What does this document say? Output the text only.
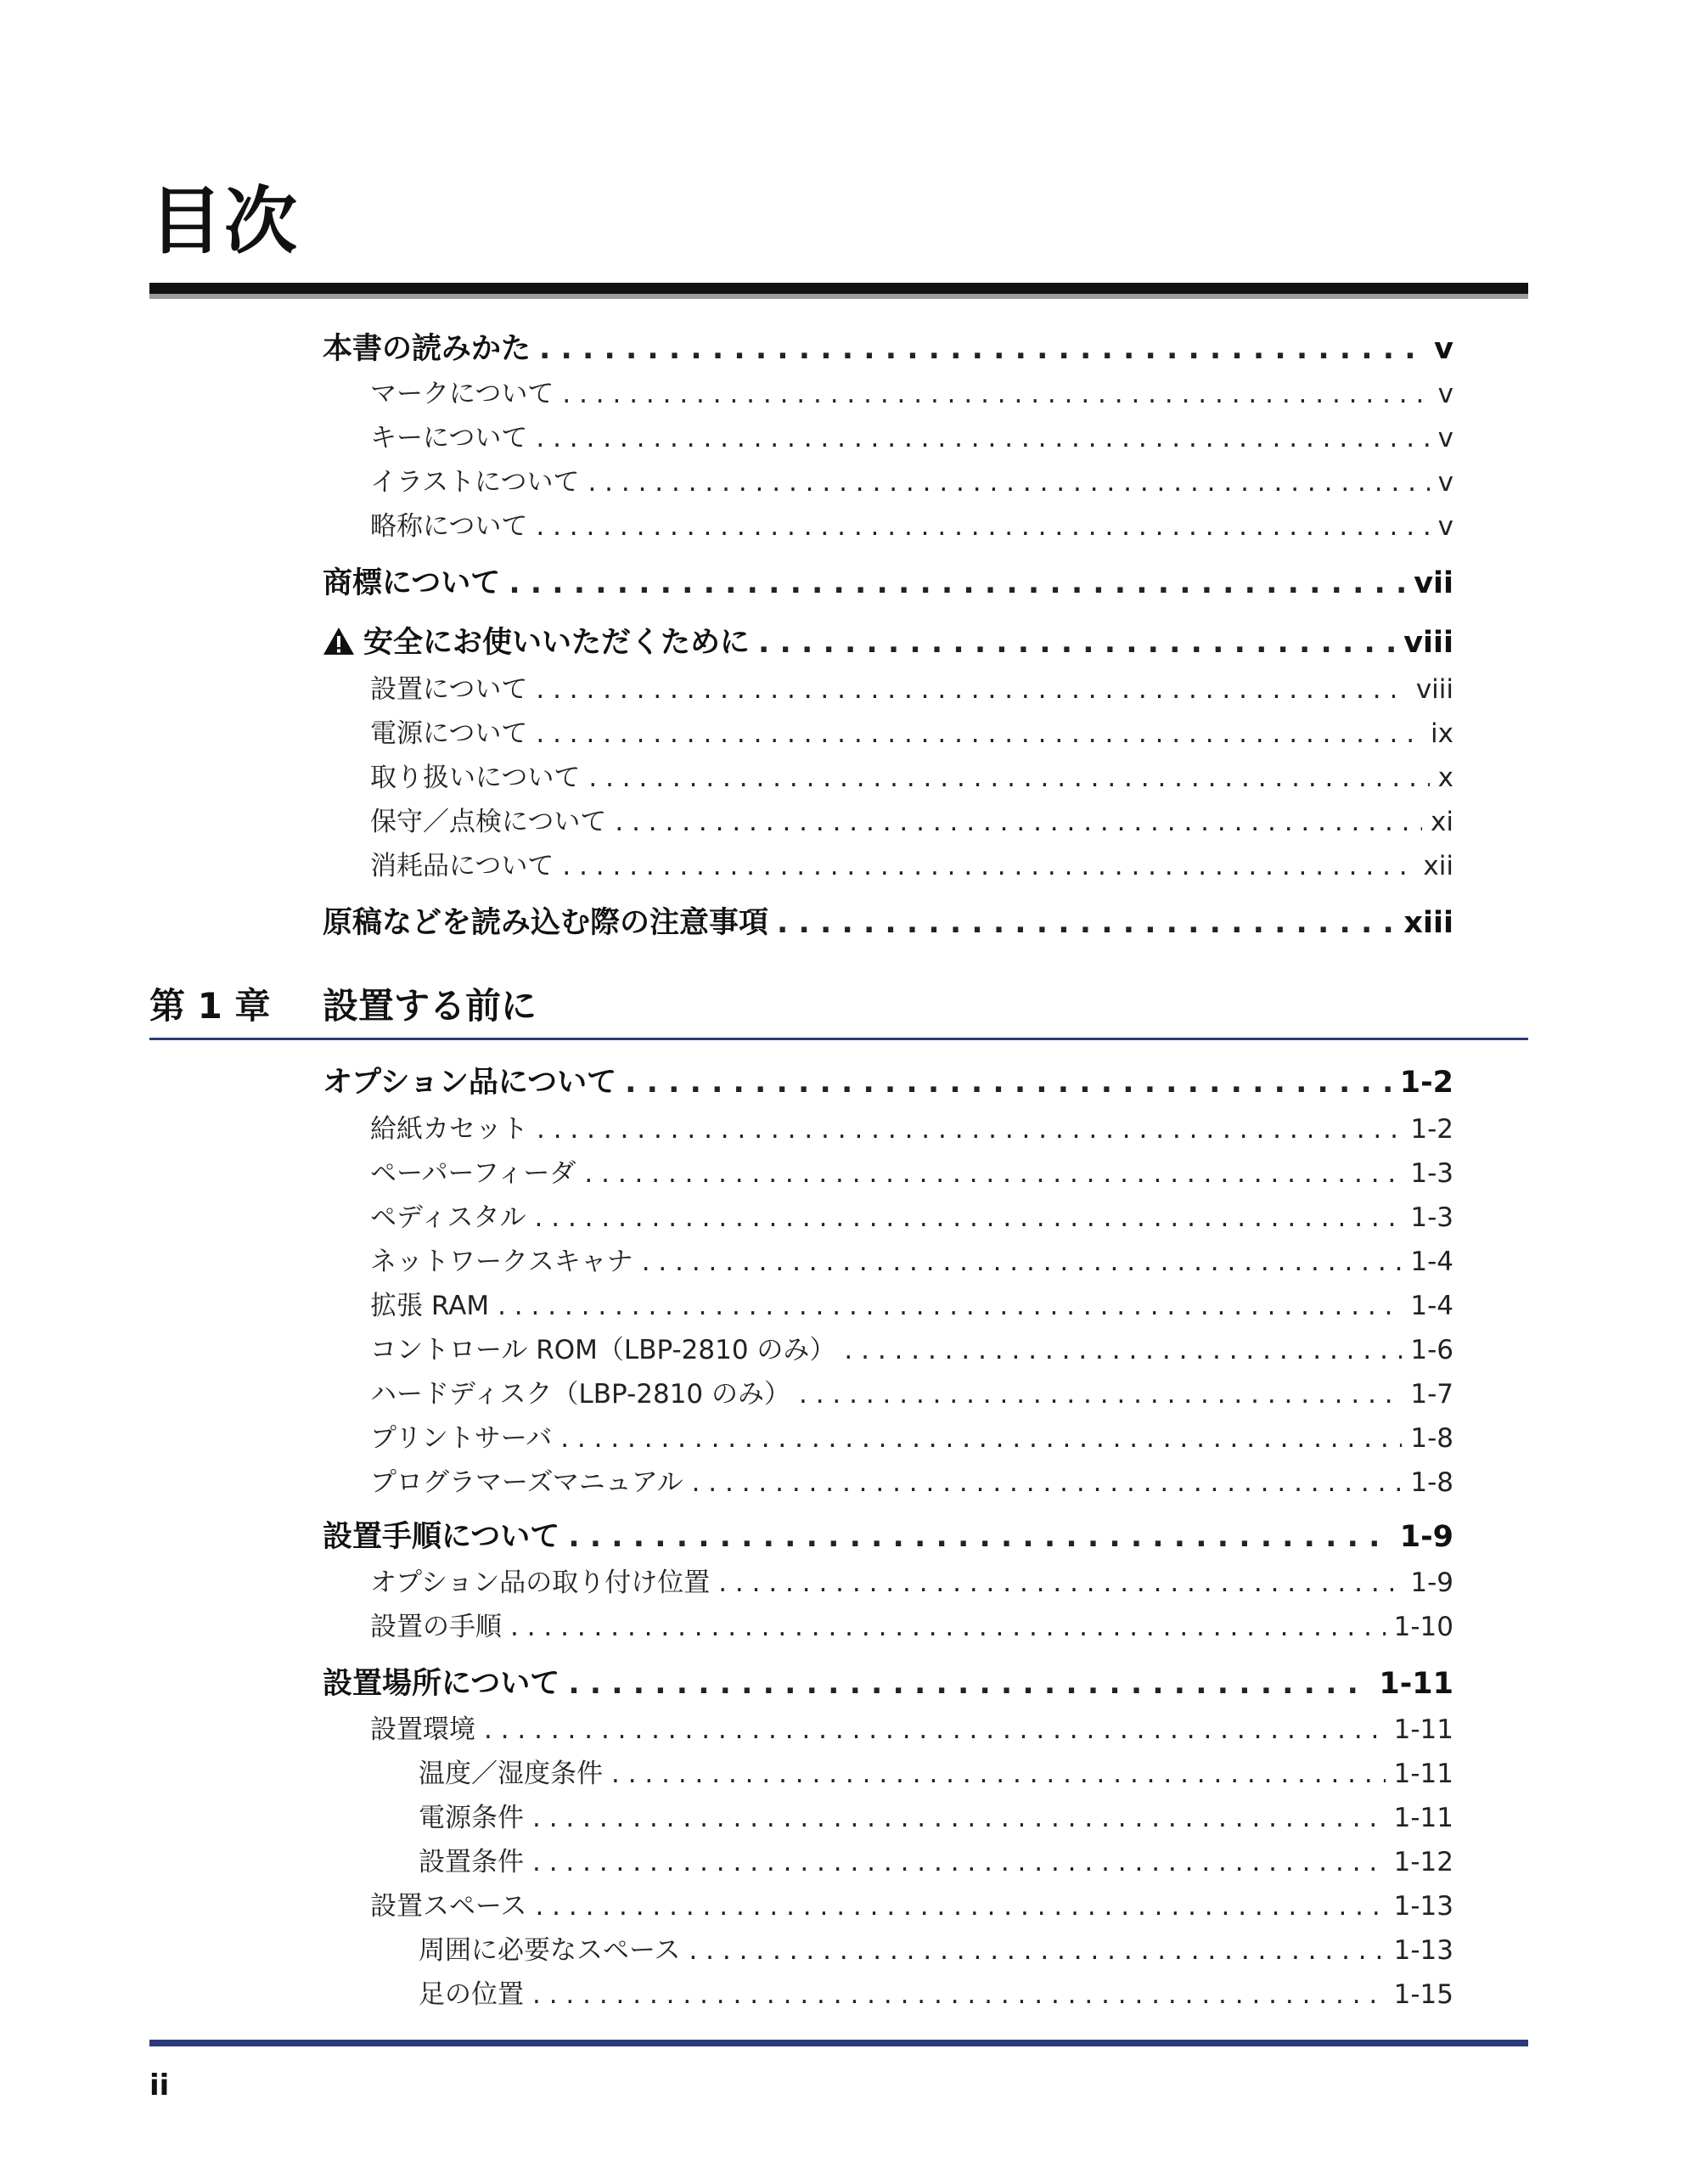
目次
本書の読みかた . . .	v
マークについて . . .	v
キーについて . . .	v
イラストについて . . .	v
略称について . . .	v
商標について . . .	vii
安全にお使いいただくために . . .	viii
設置について . . .	viii
電源について . . .	ix
取り扱いについて . . .	x
保守／点検について . . .	xi
消耗品について . . .	xii
原稿などを読み込む際の注意事項 . . .	xiii
第 1 章 設置する前に
オプション品について . . .	1-2
給紙カセット . . .	1-2
ペーパーフィーダ . . .	1-3
ペディスタル . . .	1-3
ネットワークスキャナ . . .	1-4
拡張 RAM . . .	1-4
コントロール ROM（LBP-2810 のみ） . . .	1-6
ハードディスク（LBP-2810 のみ） . . .	1-7
プリントサーバ . . .	1-8
プログラマーズマニュアル . . .	1-8
設置手順について . . .	1-9
オプション品の取り付け位置 . . .	1-9
設置の手順 . . .	1-10
設置場所について . . .	1-11
設置環境 . . .	1-11
温度／湿度条件 . . .	1-11
電源条件 . . .	1-11
設置条件 . . .	1-12
設置スペース . . .	1-13
周囲に必要なスペース . . .	1-13
足の位置 . . .	1-15
ii
